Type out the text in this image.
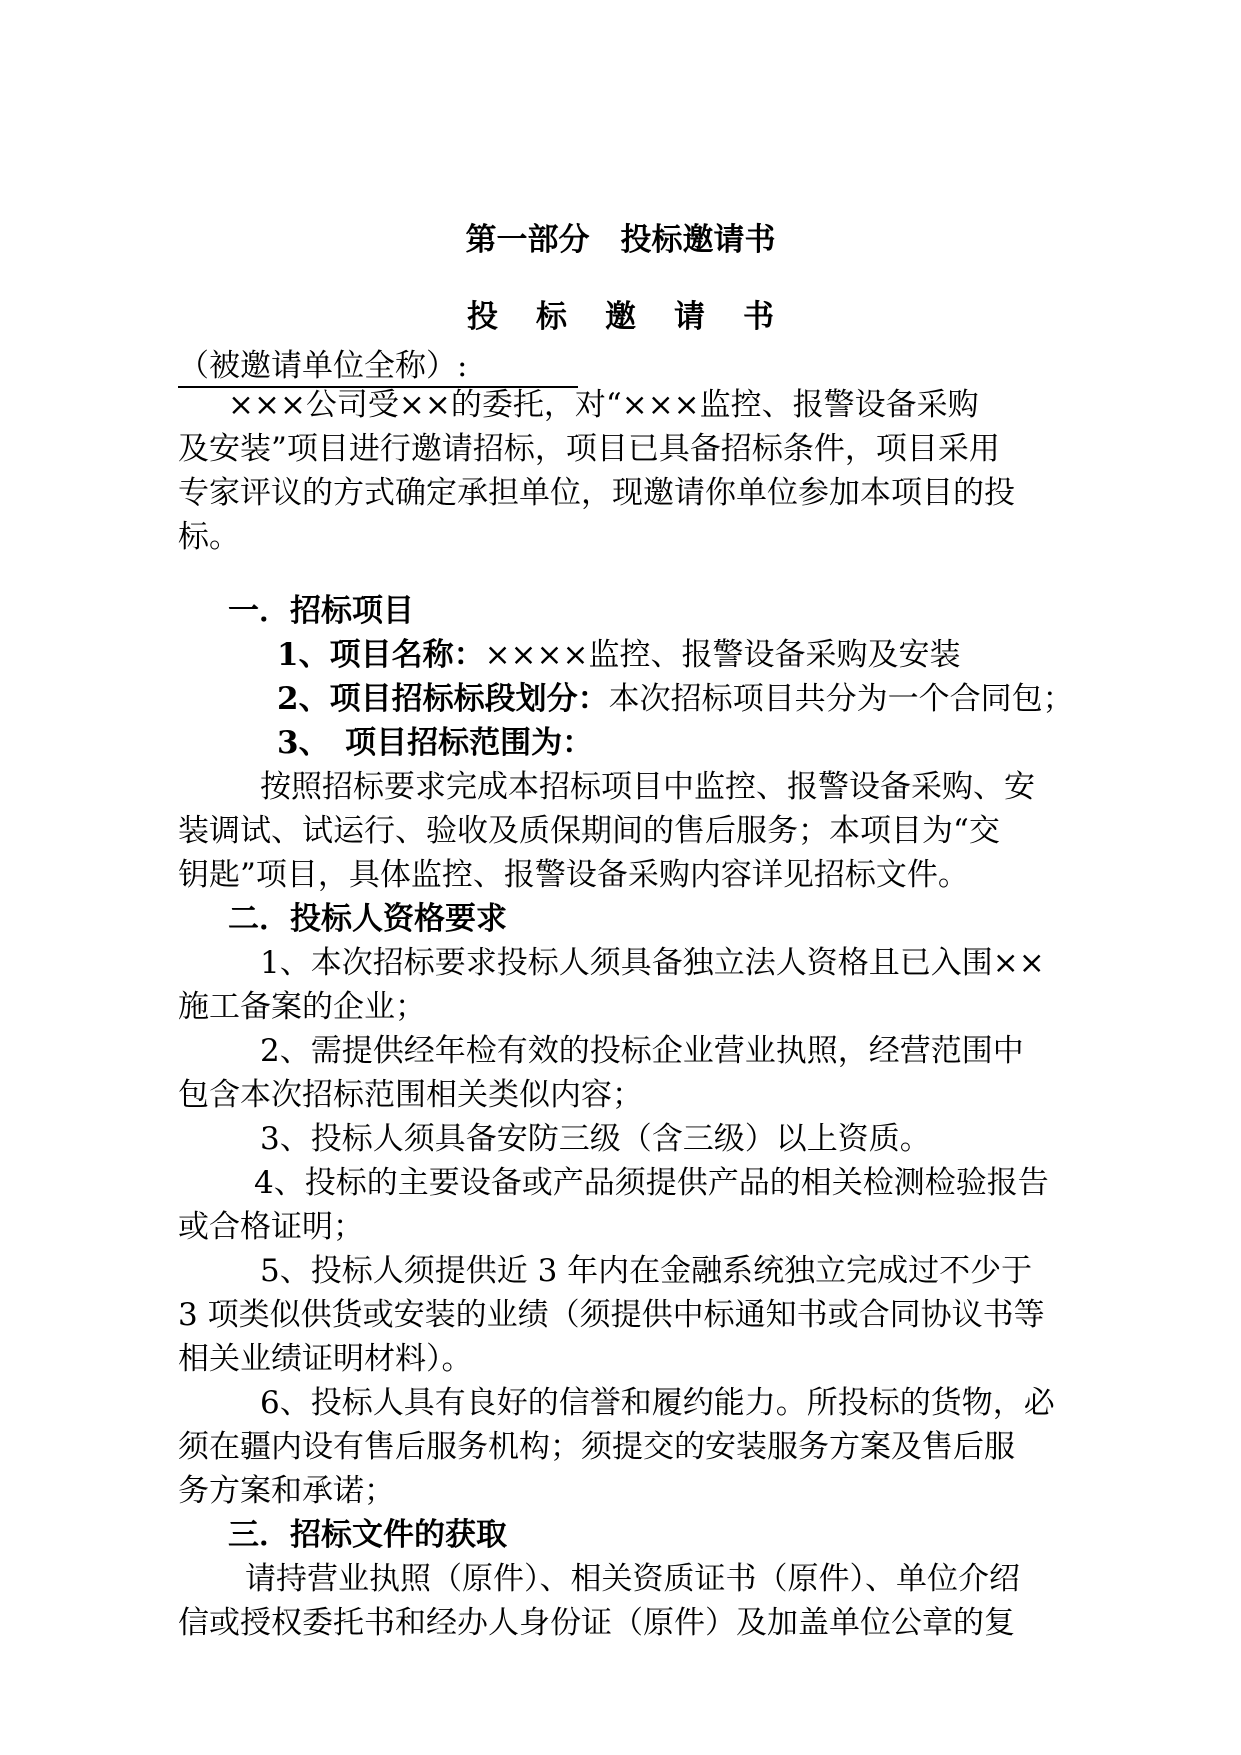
第一部分　投标邀请书
投标邀请书
（被邀请单位全称）:
×××公司受××的委托，对“×××监控、报警设备采购
及安装”项目进行邀请招标，项目已具备招标条件，项目采用
专家评议的方式确定承担单位，现邀请你单位参加本项目的投
标。
一．招标项目
1、项目名称：××××监控、报警设备采购及安装
2、项目招标标段划分：本次招标项目共分为一个合同包；
3、　项目招标范围为：
按照招标要求完成本招标项目中监控、报警设备采购、安
装调试、试运行、验收及质保期间的售后服务；本项目为“交
钥匙”项目，具体监控、报警设备采购内容详见招标文件。
二．投标人资格要求
1、本次招标要求投标人须具备独立法人资格且已入围××
施工备案的企业；
2、需提供经年检有效的投标企业营业执照，经营范围中
包含本次招标范围相关类似内容；
3、投标人须具备安防三级（含三级）以上资质。
4、投标的主要设备或产品须提供产品的相关检测检验报告
或合格证明；
5、投标人须提供近 3 年内在金融系统独立完成过不少于
3 项类似供货或安装的业绩（须提供中标通知书或合同协议书等
相关业绩证明材料）。
6、投标人具有良好的信誉和履约能力。所投标的货物，必
须在疆内设有售后服务机构；须提交的安装服务方案及售后服
务方案和承诺；
三．招标文件的获取
请持营业执照（原件）、相关资质证书（原件）、单位介绍
信或授权委托书和经办人身份证（原件）及加盖单位公章的复
